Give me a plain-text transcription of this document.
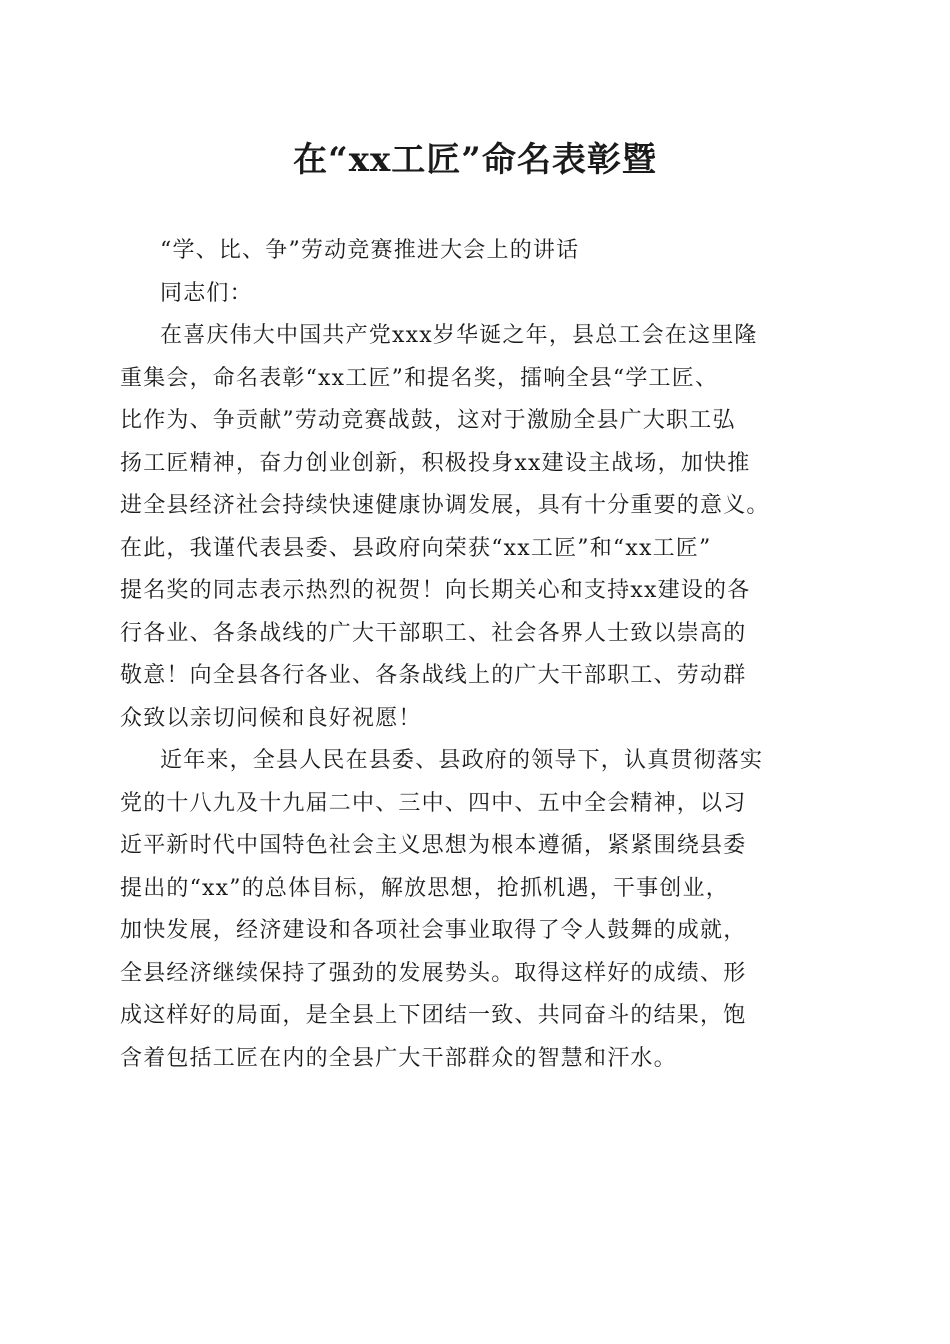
在“xx工匠”命名表彰暨
“学、比、争”劳动竞赛推进大会上的讲话
同志们：
在喜庆伟大中国共产党xxx岁华诞之年，县总工会在这里隆
重集会，命名表彰“xx工匠”和提名奖，擂响全县“学工匠、
比作为、争贡献”劳动竞赛战鼓，这对于激励全县广大职工弘
扬工匠精神，奋力创业创新，积极投身xx建设主战场，加快推
进全县经济社会持续快速健康协调发展，具有十分重要的意义。
在此，我谨代表县委、县政府向荣获“xx工匠”和“xx工匠”
提名奖的同志表示热烈的祝贺！向长期关心和支持xx建设的各
行各业、各条战线的广大干部职工、社会各界人士致以崇高的
敬意！向全县各行各业、各条战线上的广大干部职工、劳动群
众致以亲切问候和良好祝愿！
近年来，全县人民在县委、县政府的领导下，认真贯彻落实
党的十八九及十九届二中、三中、四中、五中全会精神，以习
近平新时代中国特色社会主义思想为根本遵循，紧紧围绕县委
提出的“xx”的总体目标，解放思想，抢抓机遇，干事创业，
加快发展，经济建设和各项社会事业取得了令人鼓舞的成就，
全县经济继续保持了强劲的发展势头。取得这样好的成绩、形
成这样好的局面，是全县上下团结一致、共同奋斗的结果，饱
含着包括工匠在内的全县广大干部群众的智慧和汗水。
